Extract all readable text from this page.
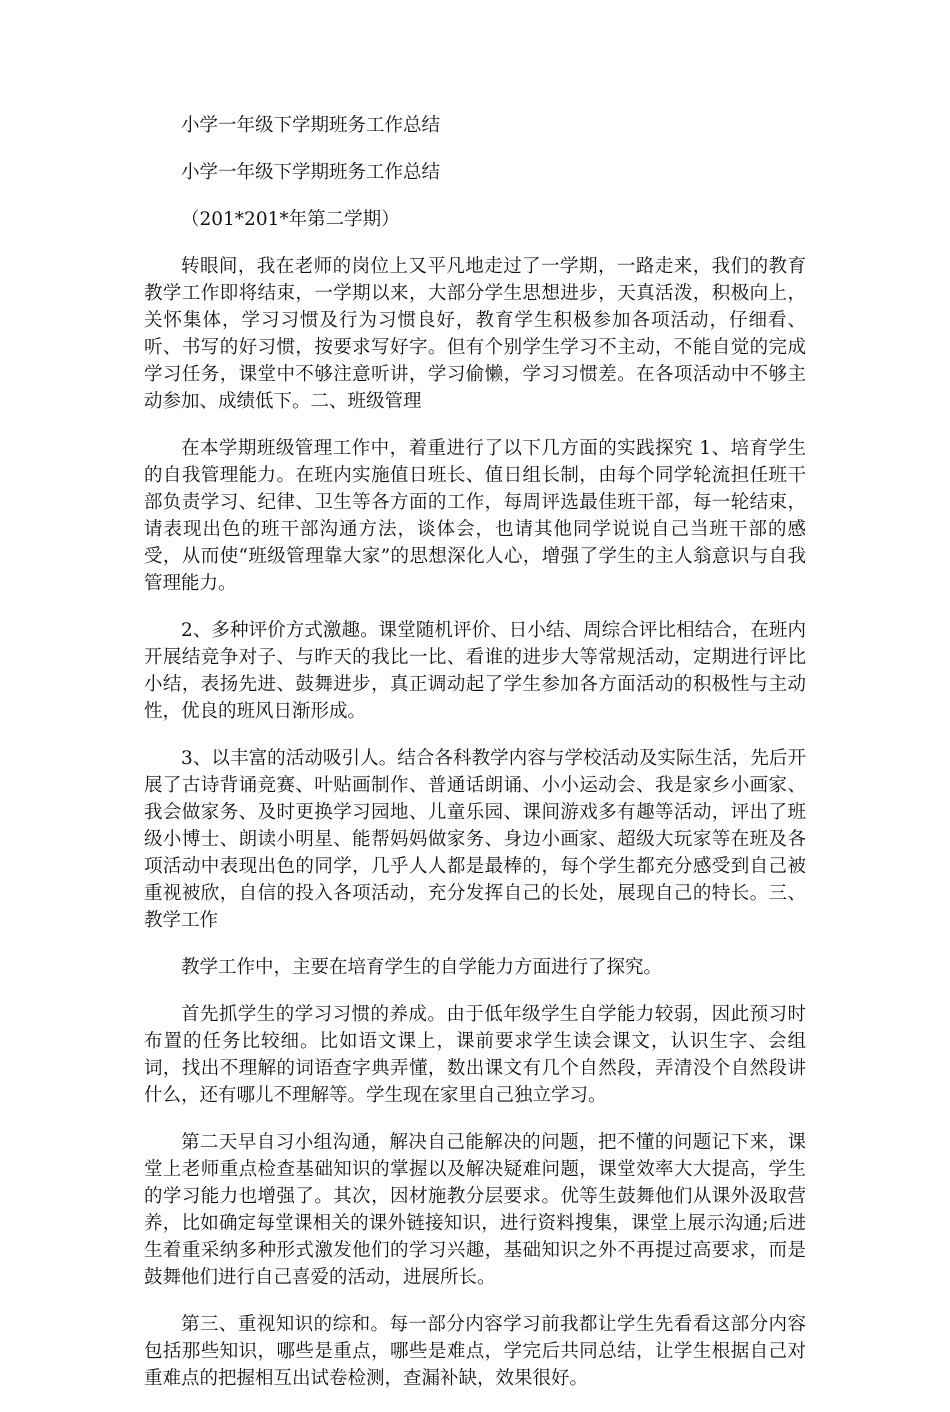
小学一年级下学期班务工作总结
小学一年级下学期班务工作总结
（201*201*年第二学期）

转眼间，我在老师的岗位上又平凡地走过了一学期，一路走来，我们的教育教学工作即将结束，一学期以来，大部分学生思想进步，天真活泼，积极向上，关怀集体，学习习惯及行为习惯良好，教育学生积极参加各项活动，仔细看、听、书写的好习惯，按要求写好字。但有个别学生学习不主动，不能自觉的完成学习任务，课堂中不够注意听讲，学习偷懒，学习习惯差。在各项活动中不够主动参加、成绩低下。二、班级管理

在本学期班级管理工作中，着重进行了以下几方面的实践探究 1、培育学生的自我管理能力。在班内实施值日班长、值日组长制，由每个同学轮流担任班干部负责学习、纪律、卫生等各方面的工作，每周评选最佳班干部，每一轮结束，请表现出色的班干部沟通方法，谈体会，也请其他同学说说自己当班干部的感受，从而使“班级管理靠大家”的思想深化人心，增强了学生的主人翁意识与自我管理能力。

2、多种评价方式激趣。课堂随机评价、日小结、周综合评比相结合，在班内开展结竞争对子、与昨天的我比一比、看谁的进步大等常规活动，定期进行评比小结，表扬先进、鼓舞进步，真正调动起了学生参加各方面活动的积极性与主动性，优良的班风日渐形成。

3、以丰富的活动吸引人。结合各科教学内容与学校活动及实际生活，先后开展了古诗背诵竞赛、叶贴画制作、普通话朗诵、小小运动会、我是家乡小画家、我会做家务、及时更换学习园地、儿童乐园、课间游戏多有趣等活动，评出了班级小博士、朗读小明星、能帮妈妈做家务、身边小画家、超级大玩家等在班及各项活动中表现出色的同学，几乎人人都是最棒的，每个学生都充分感受到自己被重视被欣，自信的投入各项活动，充分发挥自己的长处，展现自己的特长。三、教学工作

教学工作中，主要在培育学生的自学能力方面进行了探究。

首先抓学生的学习习惯的养成。由于低年级学生自学能力较弱，因此预习时布置的任务比较细。比如语文课上，课前要求学生读会课文，认识生字、会组词，找出不理解的词语查字典弄懂，数出课文有几个自然段，弄清没个自然段讲什么，还有哪儿不理解等。学生现在家里自己独立学习。

第二天早自习小组沟通，解决自己能解决的问题，把不懂的问题记下来，课堂上老师重点检查基础知识的掌握以及解决疑难问题，课堂效率大大提高，学生的学习能力也增强了。其次，因材施教分层要求。优等生鼓舞他们从课外汲取营养，比如确定每堂课相关的课外链接知识，进行资料搜集，课堂上展示沟通;后进生着重采纳多种形式激发他们的学习兴趣，基础知识之外不再提过高要求，而是鼓舞他们进行自己喜爱的活动，进展所长。

第三、重视知识的综和。每一部分内容学习前我都让学生先看看这部分内容包括那些知识，哪些是重点，哪些是难点，学完后共同总结，让学生根据自己对重难点的把握相互出试卷检测，查漏补缺，效果很好。
